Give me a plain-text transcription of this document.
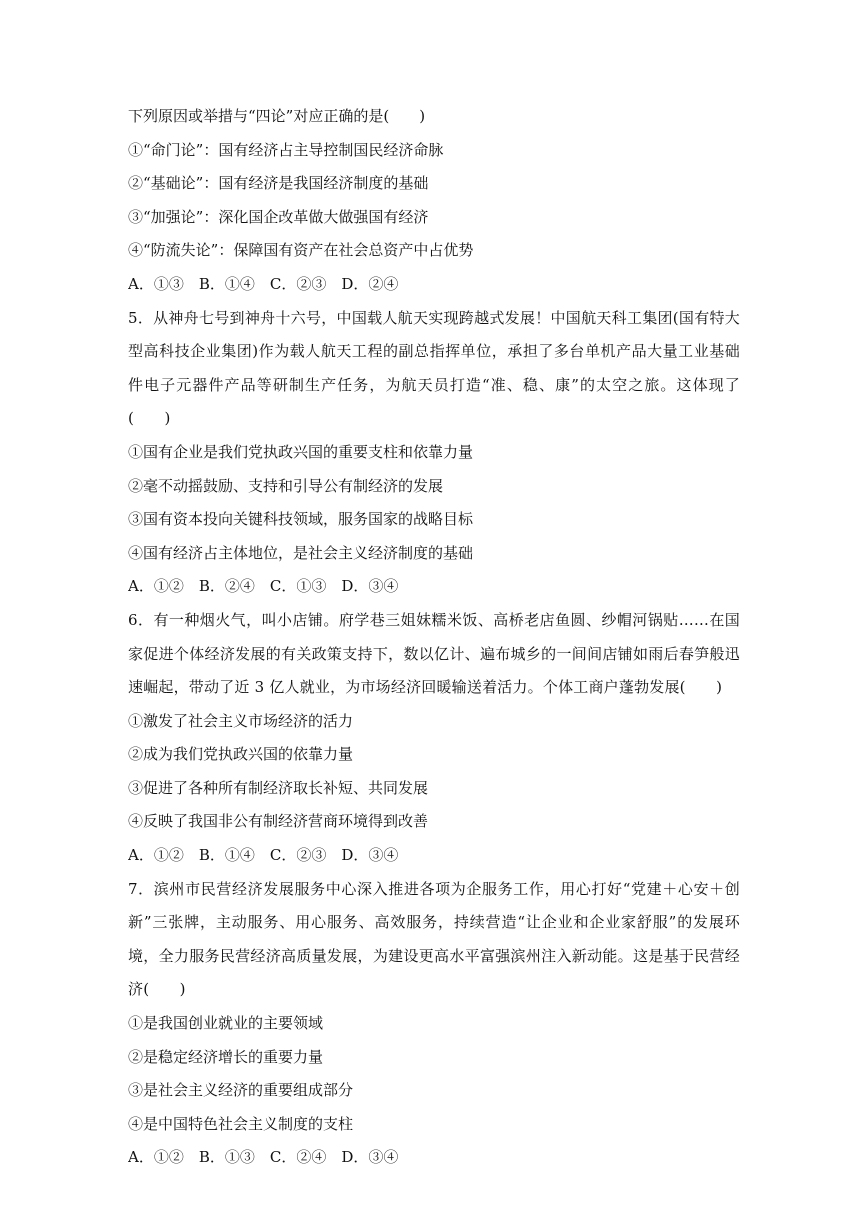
下列原因或举措与“四论”对应正确的是(　　)
①“命门论”：国有经济占主导控制国民经济命脉
②“基础论”：国有经济是我国经济制度的基础
③“加强论”：深化国企改革做大做强国有经济
④“防流失论”：保障国有资产在社会总资产中占优势
A．①③　B．①④　C．②③　D．②④
5．从神舟七号到神舟十六号，中国载人航天实现跨越式发展！中国航天科工集团(国有特大型高科技企业集团)作为载人航天工程的副总指挥单位，承担了多台单机产品大量工业基础件电子元器件产品等研制生产任务，为航天员打造“准、稳、康”的太空之旅。这体现了(　　)
①国有企业是我们党执政兴国的重要支柱和依靠力量
②毫不动摇鼓励、支持和引导公有制经济的发展
③国有资本投向关键科技领域，服务国家的战略目标
④国有经济占主体地位，是社会主义经济制度的基础
A．①②　B．②④　C．①③　D．③④
6．有一种烟火气，叫小店铺。府学巷三姐妹糯米饭、高桥老店鱼圆、纱帽河锅贴……在国家促进个体经济发展的有关政策支持下，数以亿计、遍布城乡的一间间店铺如雨后春笋般迅速崛起，带动了近 3 亿人就业，为市场经济回暖输送着活力。个体工商户蓬勃发展(　　)
①激发了社会主义市场经济的活力
②成为我们党执政兴国的依靠力量
③促进了各种所有制经济取长补短、共同发展
④反映了我国非公有制经济营商环境得到改善
A．①②　B．①④　C．②③　D．③④
7．滨州市民营经济发展服务中心深入推进各项为企服务工作，用心打好“党建＋心安＋创新”三张牌，主动服务、用心服务、高效服务，持续营造“让企业和企业家舒服”的发展环境，全力服务民营经济高质量发展，为建设更高水平富强滨州注入新动能。这是基于民营经济(　　)
①是我国创业就业的主要领域
②是稳定经济增长的重要力量
③是社会主义经济的重要组成部分
④是中国特色社会主义制度的支柱
A．①②　B．①③　C．②④　D．③④
